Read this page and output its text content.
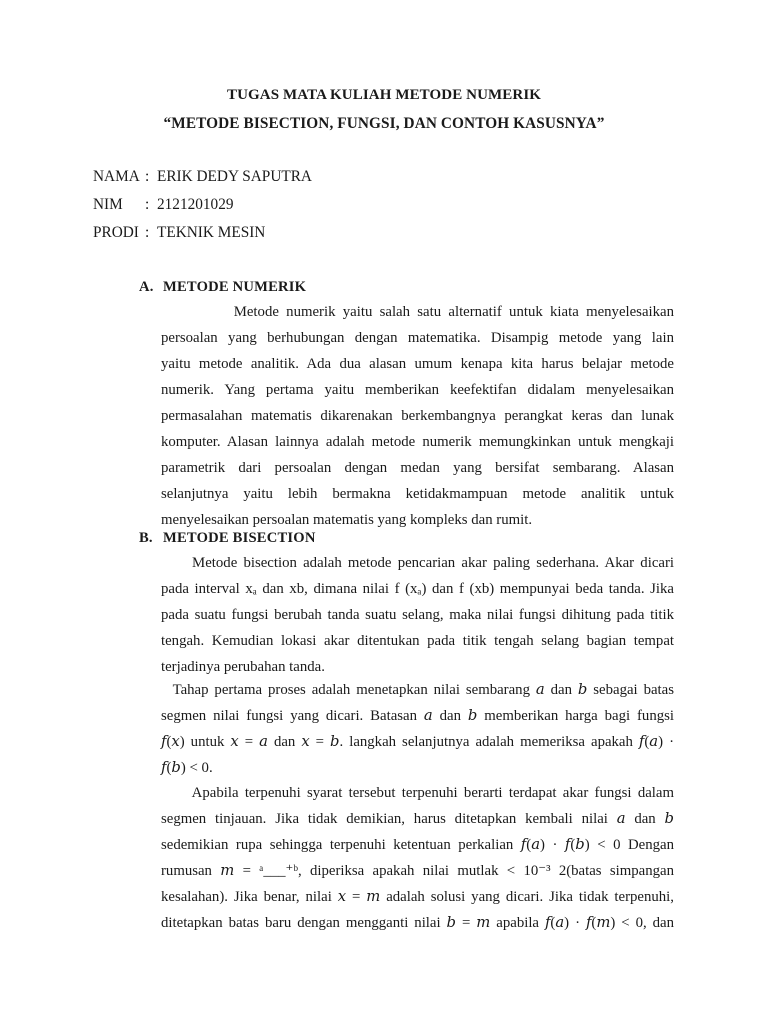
TUGAS MATA KULIAH METODE NUMERIK
“METODE BISECTION, FUNGSI, DAN CONTOH KASUSNYA”
NAMA : ERIK DEDY SAPUTRA
NIM : 2121201029
PRODI : TEKNIK MESIN
A. METODE NUMERIK
Metode numerik yaitu salah satu alternatif untuk kiata menyelesaikan
persoalan yang berhubungan dengan matematika. Disampig metode yang lain
yaitu metode analitik. Ada dua alasan umum kenapa kita harus belajar metode
numerik. Yang pertama yaitu memberikan keefektifan didalam menyelesaikan
permasalahan matematis dikarenakan berkembangnya perangkat keras dan lunak
komputer. Alasan lainnya adalah metode numerik memungkinkan untuk mengkaji
parametrik dari persoalan dengan medan yang bersifat sembarang. Alasan
selanjutnya yaitu lebih bermakna ketidakmampuan metode analitik untuk
menyelesaikan persoalan matematis yang kompleks dan rumit.
B. METODE BISECTION
Metode bisection adalah metode pencarian akar paling sederhana. Akar dicari
pada interval xₐ dan xb, dimana nilai f (xₐ) dan f (xb) mempunyai beda tanda. Jika
pada suatu fungsi berubah tanda suatu selang, maka nilai fungsi dihitung pada titik
tengah. Kemudian lokasi akar ditentukan pada titik tengah selang bagian tempat
terjadinya perubahan tanda.
Tahap pertama proses adalah menetapkan nilai sembarang 𝑎 dan 𝑏 sebagai batas
segmen nilai fungsi yang dicari. Batasan 𝑎 dan 𝑏 memberikan harga bagi fungsi
𝑓(𝑥) untuk 𝑥 = 𝑎 dan 𝑥 = 𝑏. langkah selanjutnya adalah memeriksa apakah 𝑓(𝑎) ·
𝑓(𝑏) < 0.
Apabila terpenuhi syarat tersebut terpenuhi berarti terdapat akar fungsi dalam
segmen tinjauan. Jika tidak demikian, harus ditetapkan kembali nilai 𝑎 dan 𝑏
sedemikian rupa sehingga terpenuhi ketentuan perkalian 𝑓(𝑎) · 𝑓(𝑏) < 0 Dengan
rumusan 𝑚 = ᵃ___⁺ᵇ, diperiksa apakah nilai mutlak < 10⁻³ 2(batas simpangan
kesalahan). Jika benar, nilai 𝑥 = 𝑚 adalah solusi yang dicari. Jika tidak terpenuhi,
ditetapkan batas baru dengan mengganti nilai 𝑏 = 𝑚 apabila 𝑓(𝑎) · 𝑓(𝑚) < 0, dan
